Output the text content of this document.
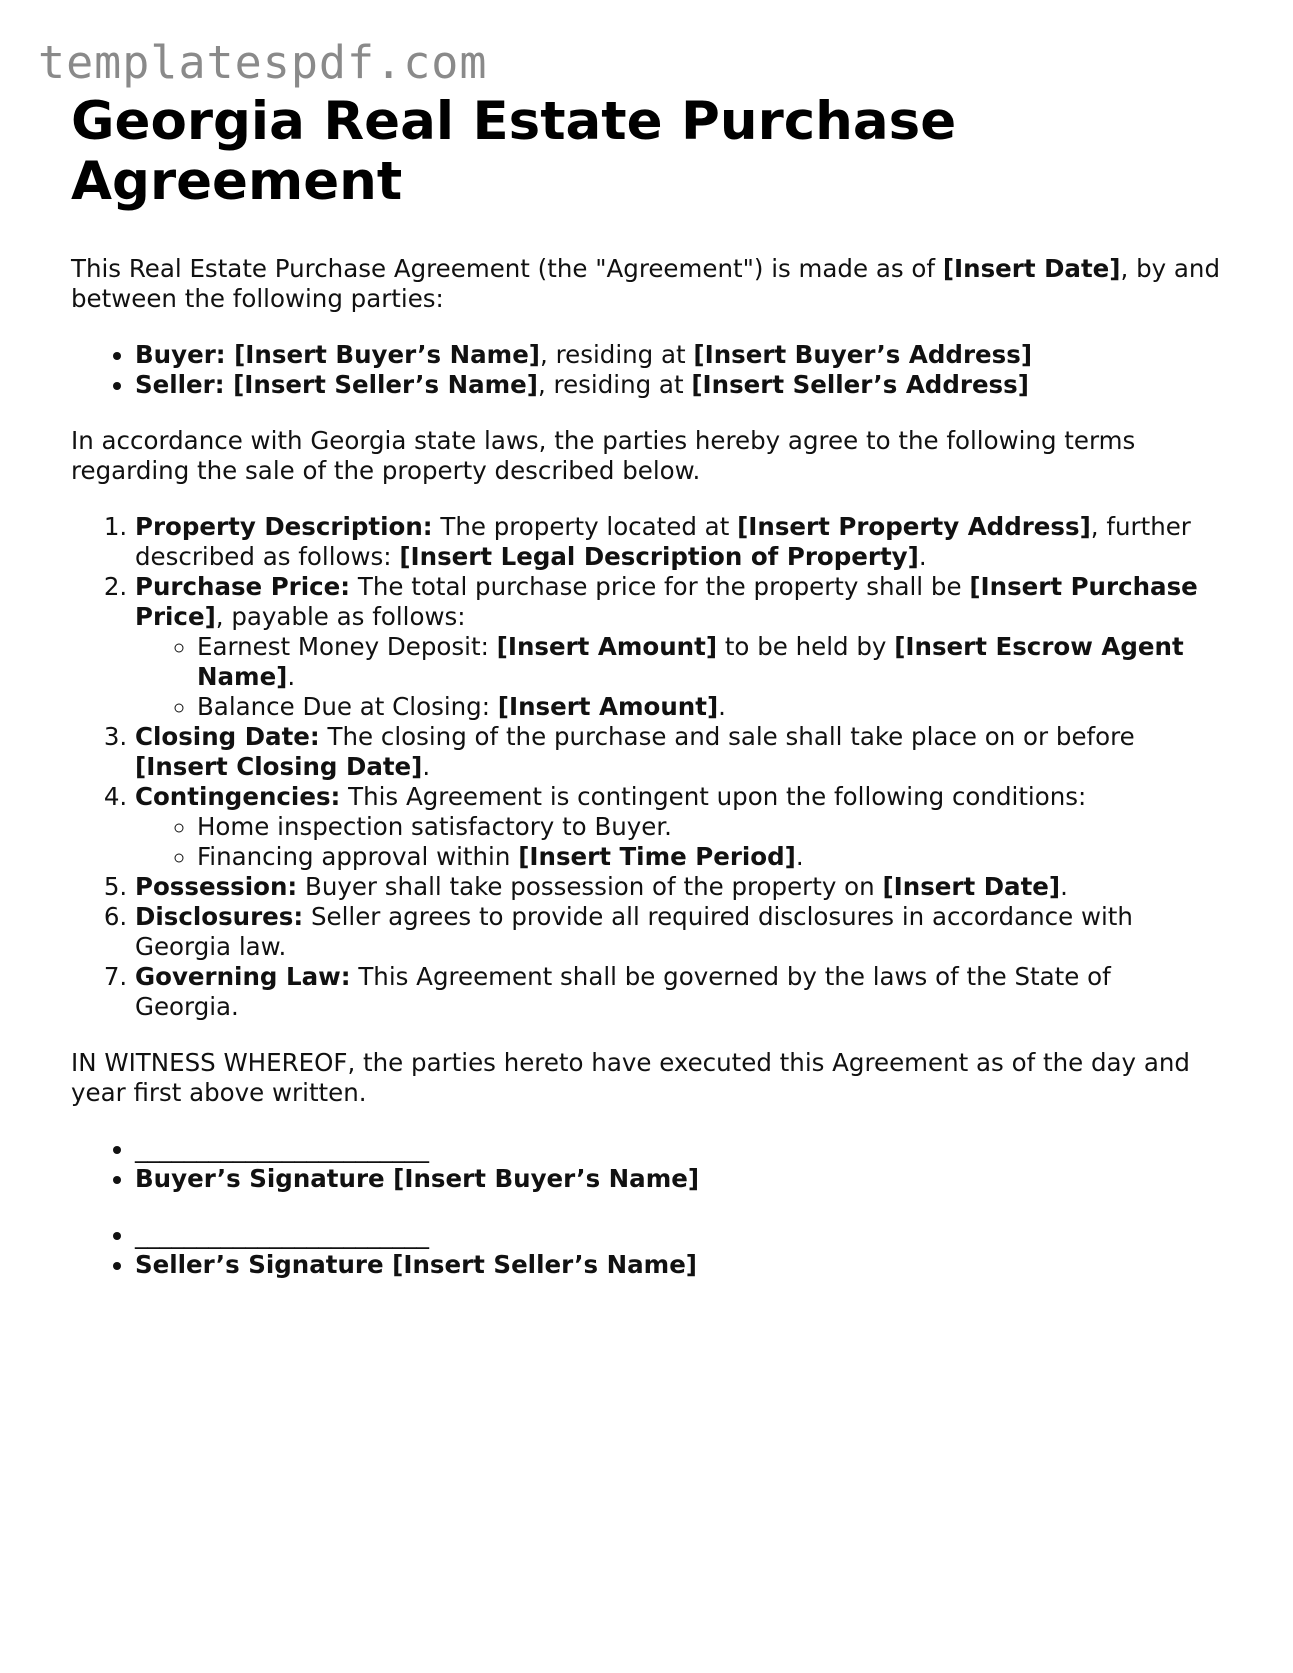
templatespdf.com
Georgia Real Estate Purchase Agreement

This Real Estate Purchase Agreement (the "Agreement") is made as of [Insert Date], by and between the following parties:

• Buyer: [Insert Buyer’s Name], residing at [Insert Buyer’s Address]
• Seller: [Insert Seller’s Name], residing at [Insert Seller’s Address]

In accordance with Georgia state laws, the parties hereby agree to the following terms regarding the sale of the property described below.

1. Property Description: The property located at [Insert Property Address], further described as follows: [Insert Legal Description of Property].
2. Purchase Price: The total purchase price for the property shall be [Insert Purchase Price], payable as follows:
◦ Earnest Money Deposit: [Insert Amount] to be held by [Insert Escrow Agent Name].
◦ Balance Due at Closing: [Insert Amount].
3. Closing Date: The closing of the purchase and sale shall take place on or before [Insert Closing Date].
4. Contingencies: This Agreement is contingent upon the following conditions:
◦ Home inspection satisfactory to Buyer.
◦ Financing approval within [Insert Time Period].
5. Possession: Buyer shall take possession of the property on [Insert Date].
6. Disclosures: Seller agrees to provide all required disclosures in accordance with Georgia law.
7. Governing Law: This Agreement shall be governed by the laws of the State of Georgia.

IN WITNESS WHEREOF, the parties hereto have executed this Agreement as of the day and year first above written.

• ________________________
• Buyer’s Signature [Insert Buyer’s Name]
• ________________________
• Seller’s Signature [Insert Seller’s Name]
